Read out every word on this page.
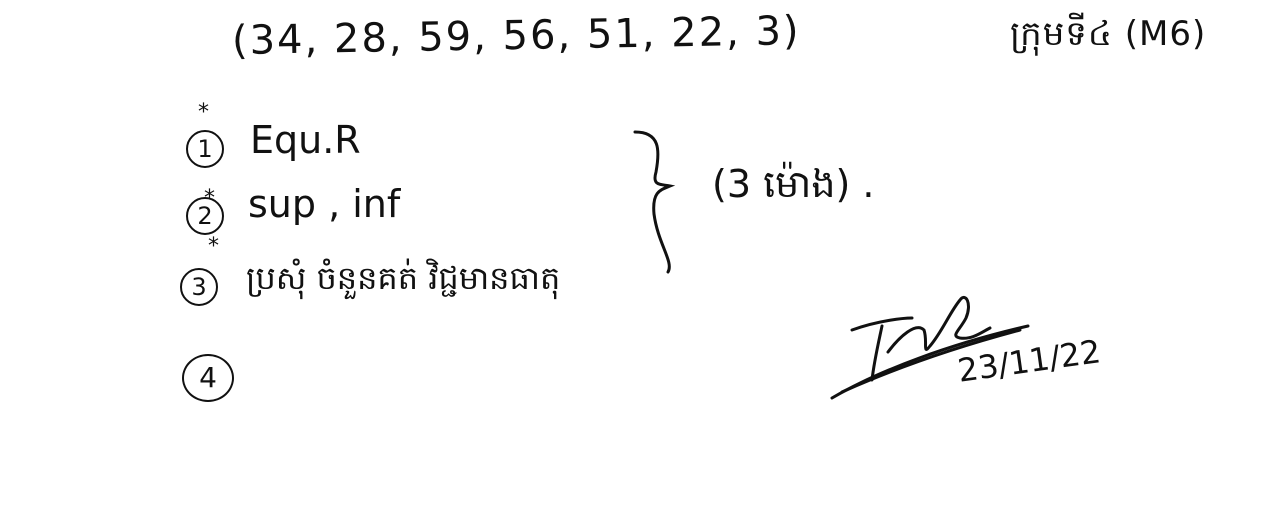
(34, 28, 59, 56, 51, 22, 3)	ក្រុមទី៤ (M6)
*
*
*
1 Equ.R
2 sup , inf
3	ប្រសុំ ចំនួនគត់ វិជ្ជមានធាតុ
4
(3 ម៉ោង) .
23/11/22
